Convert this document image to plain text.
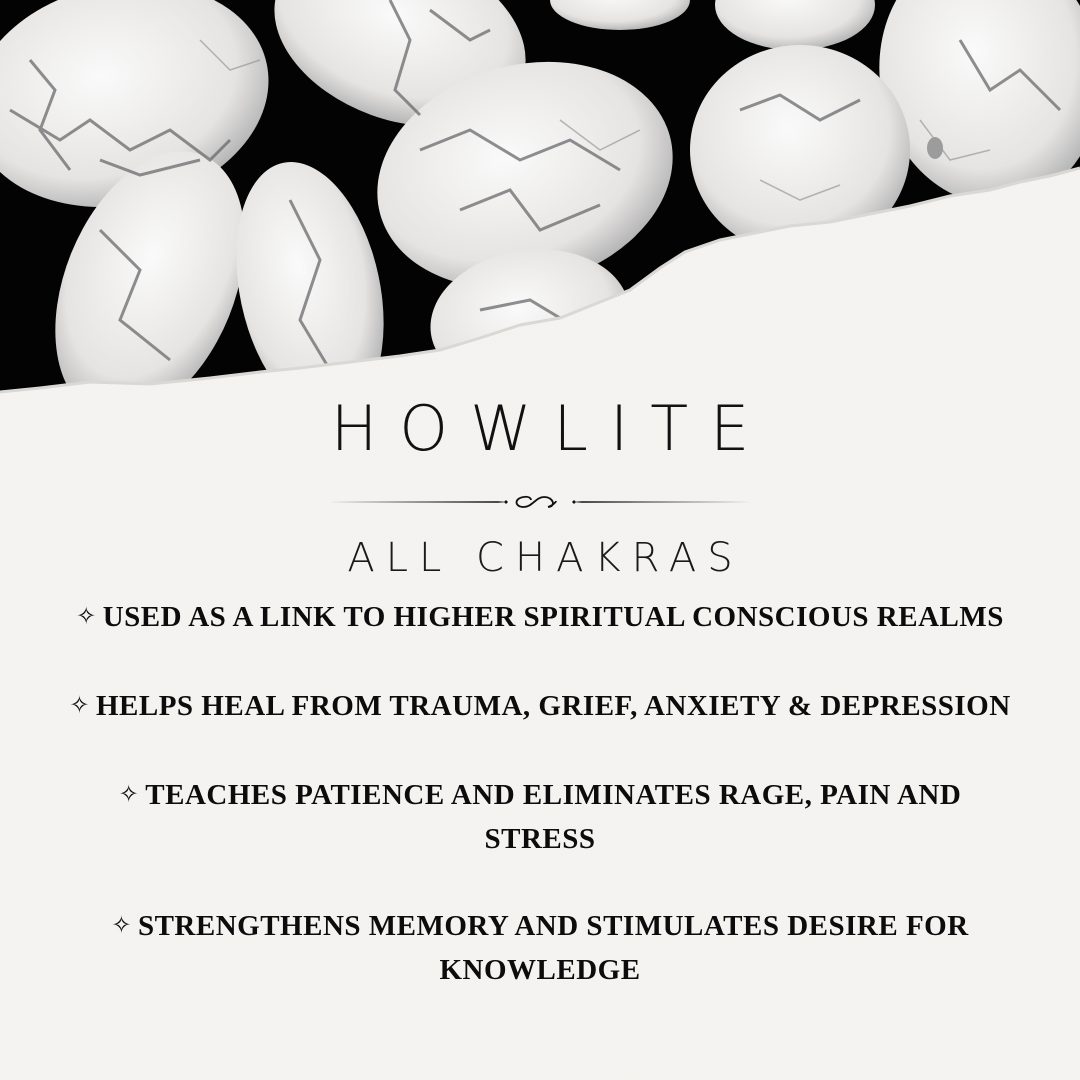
HOWLITE
ALL CHAKRAS
✧ USED AS A LINK TO HIGHER SPIRITUAL CONSCIOUS REALMS
✧ HELPS HEAL FROM TRAUMA, GRIEF, ANXIETY & DEPRESSION
✧ TEACHES PATIENCE AND ELIMINATES RAGE, PAIN AND STRESS
✧ STRENGTHENS MEMORY AND STIMULATES DESIRE FOR KNOWLEDGE
